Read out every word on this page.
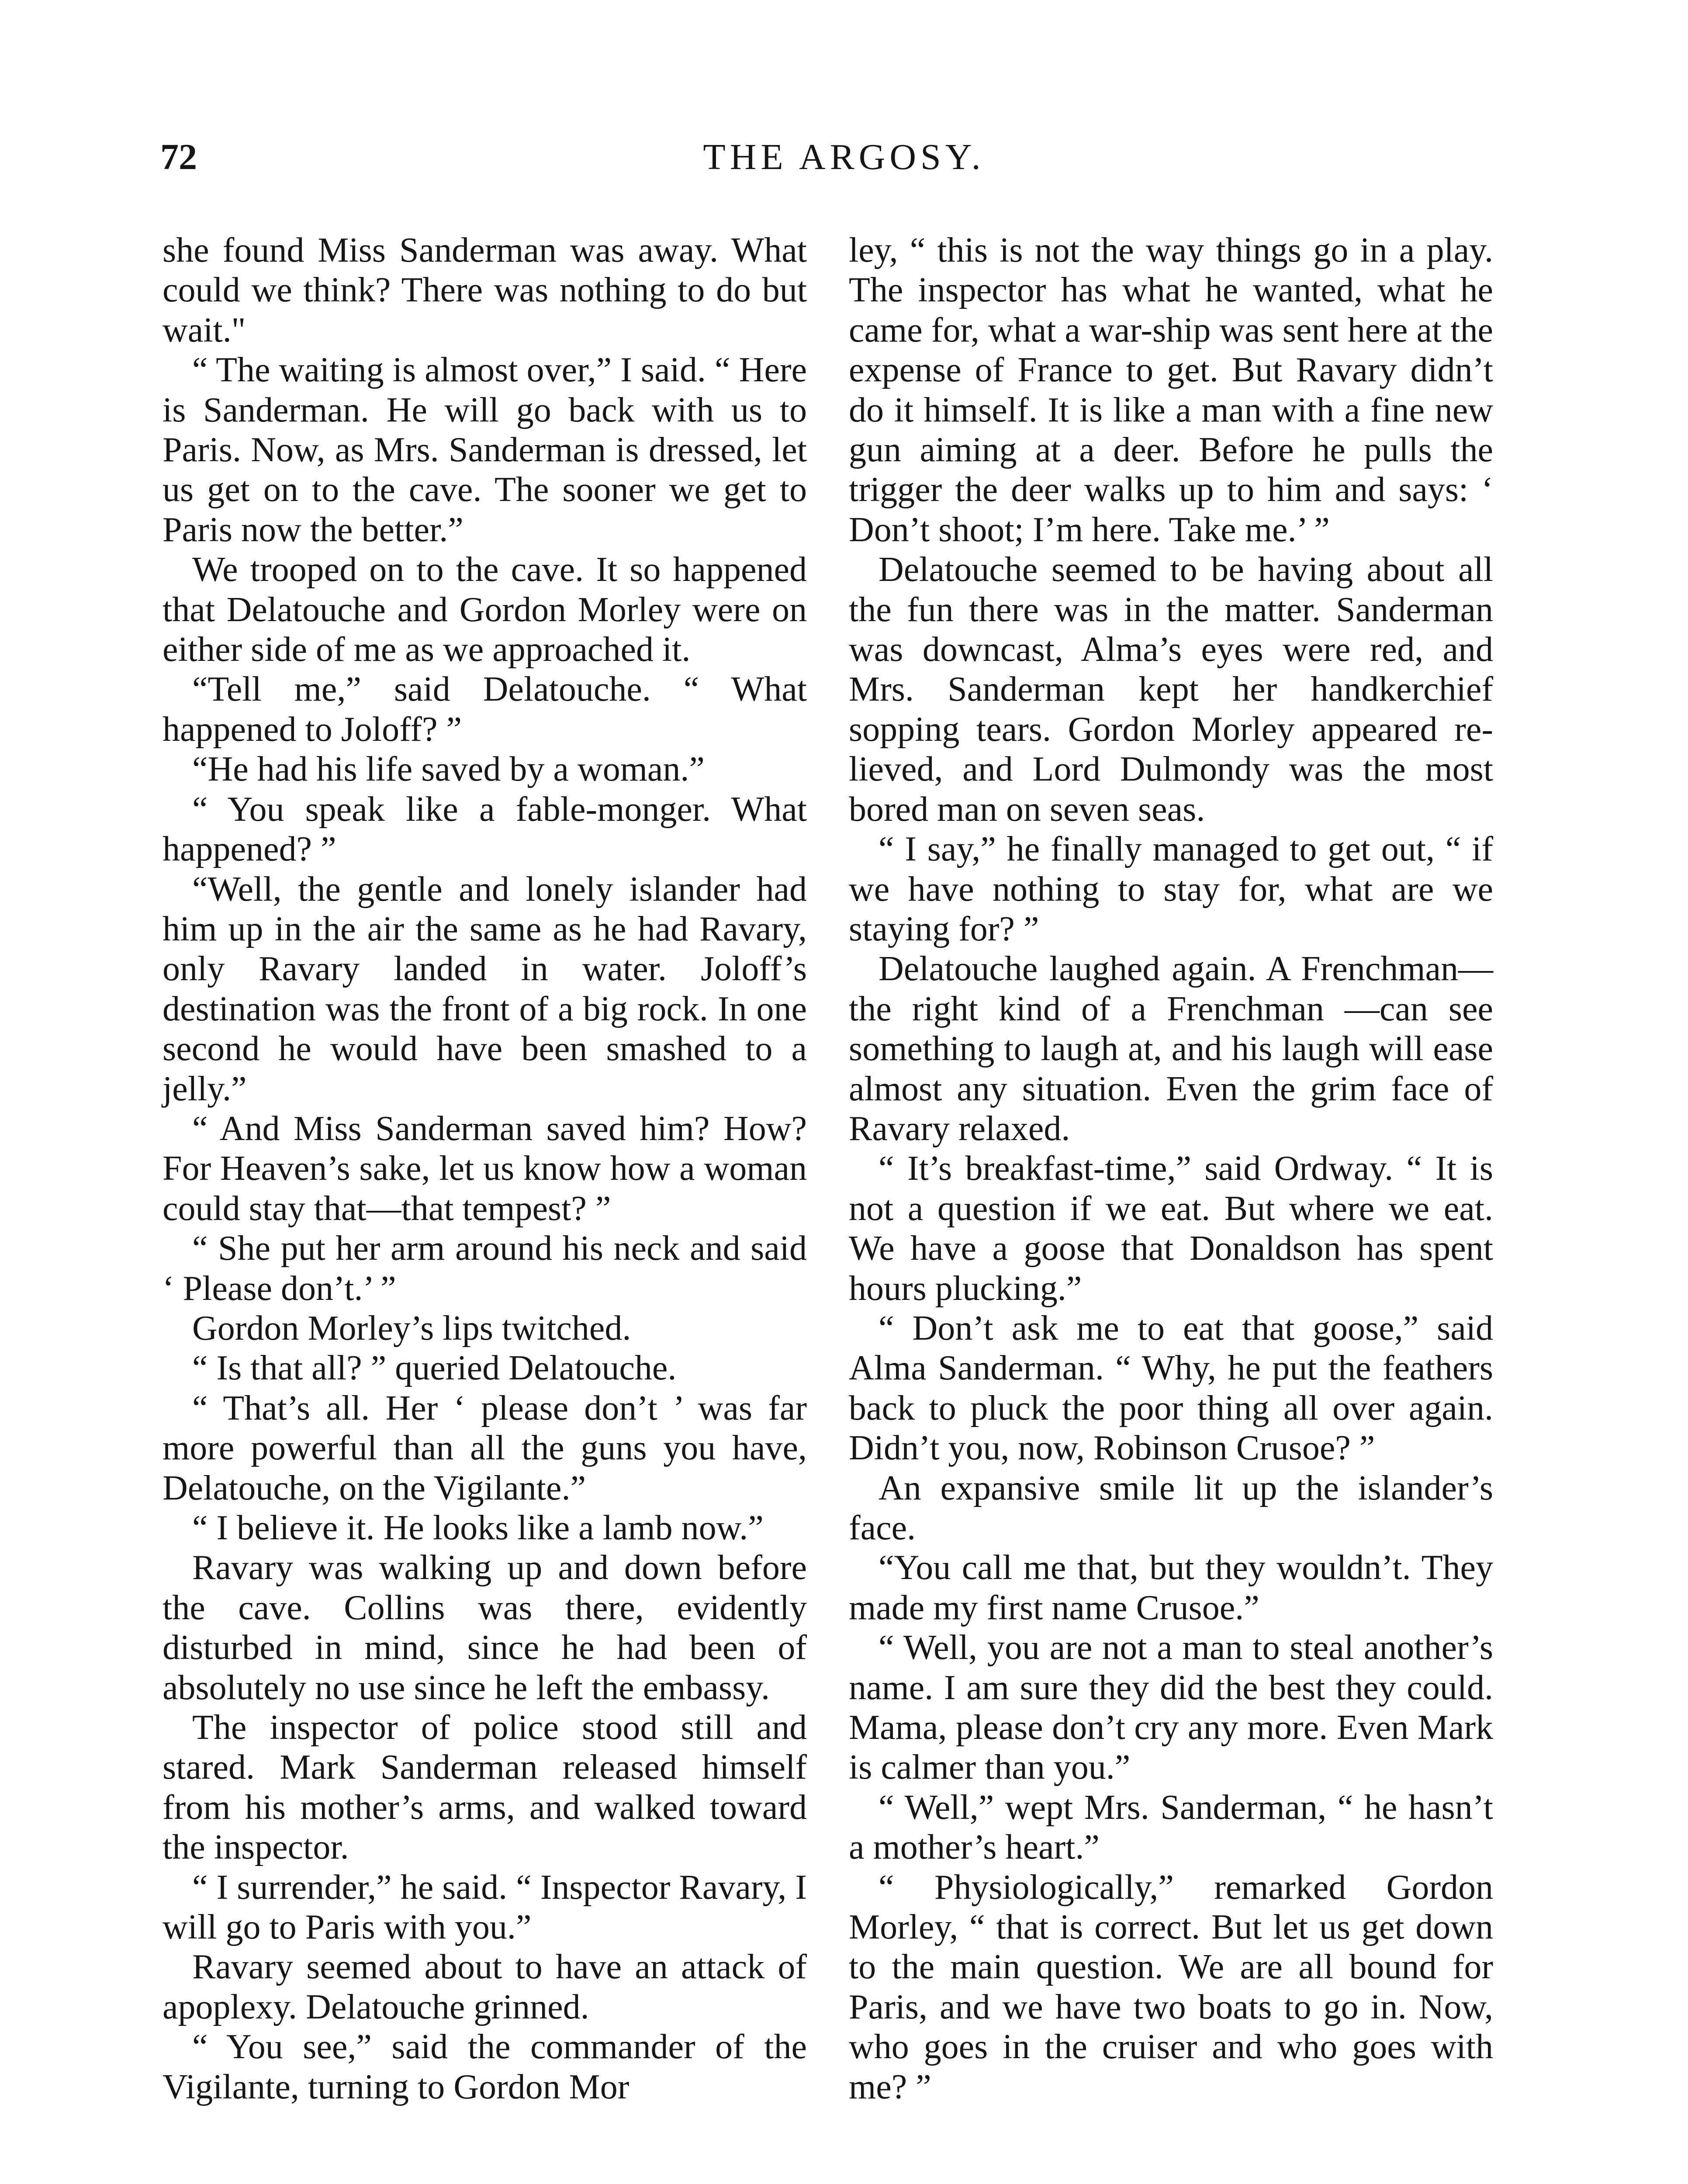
72	THE ARGOSY.

she found Miss Sanderman was away. What could we think? There was nothing to do but wait."

“ The waiting is almost over,” I said. “ Here is Sanderman. He will go back with us to Paris. Now, as Mrs. Sanderman is dressed, let us get on to the cave. The sooner we get to Paris now the better.”

We trooped on to the cave. It so happened that Delatouche and Gordon Morley were on either side of me as we approached it.

“Tell me,” said Delatouche. “ What happened to Joloff? ”

“He had his life saved by a woman.”

“ You speak like a fable-monger. What happened? ”

“Well, the gentle and lonely islander had him up in the air the same as he had Ravary, only Ravary landed in water. Joloff’s destination was the front of a big rock. In one second he would have been smashed to a jelly.”

“ And Miss Sanderman saved him? How? For Heaven’s sake, let us know how a woman could stay that—that tempest? ”

“ She put her arm around his neck and said ‘ Please don’t.’ ”

Gordon Morley’s lips twitched.

“ Is that all? ” queried Delatouche.

“ That’s all. Her ‘ please don’t ’ was far more powerful than all the guns you have, Delatouche, on the Vigilante.”

“ I believe it. He looks like a lamb now.”

Ravary was walking up and down before the cave. Collins was there, evidently disturbed in mind, since he had been of absolutely no use since he left the embassy.

The inspector of police stood still and stared. Mark Sanderman released himself from his mother’s arms, and walked toward the inspector.

“ I surrender,” he said. “ Inspector Ravary, I will go to Paris with you.”

Ravary seemed about to have an attack of apoplexy. Delatouche grinned.

“ You see,” said the commander of the Vigilante, turning to Gordon Mor

ley, “ this is not the way things go in a play. The inspector has what he wanted, what he came for, what a war-ship was sent here at the expense of France to get. But Ravary didn’t do it himself. It is like a man with a fine new gun aiming at a deer. Before he pulls the trigger the deer walks up to him and says: ‘ Don’t shoot; I’m here. Take me.’ ”

Delatouche seemed to be having about all the fun there was in the matter. Sanderman was downcast, Alma’s eyes were red, and Mrs. Sanderman kept her handkerchief sopping tears. Gordon Morley appeared relieved, and Lord Dulmondy was the most bored man on seven seas.

“ I say,” he finally managed to get out, “ if we have nothing to stay for, what are we staying for? ”

Delatouche laughed again. A Frenchman—the right kind of a Frenchman —can see something to laugh at, and his laugh will ease almost any situation. Even the grim face of Ravary relaxed.

“ It’s breakfast-time,” said Ordway. “ It is not a question if we eat. But where we eat. We have a goose that Donaldson has spent hours plucking.”

“ Don’t ask me to eat that goose,” said Alma Sanderman. “ Why, he put the feathers back to pluck the poor thing all over again. Didn’t you, now, Robinson Crusoe? ”

An expansive smile lit up the islander’s face.

“You call me that, but they wouldn’t. They made my first name Crusoe.”

“ Well, you are not a man to steal another’s name. I am sure they did the best they could. Mama, please don’t cry any more. Even Mark is calmer than you.”

“ Well,” wept Mrs. Sanderman, “ he hasn’t a mother’s heart.”

“ Physiologically,” remarked Gordon Morley, “ that is correct. But let us get down to the main question. We are all bound for Paris, and we have two boats to go in. Now, who goes in the cruiser and who goes with me? ”
